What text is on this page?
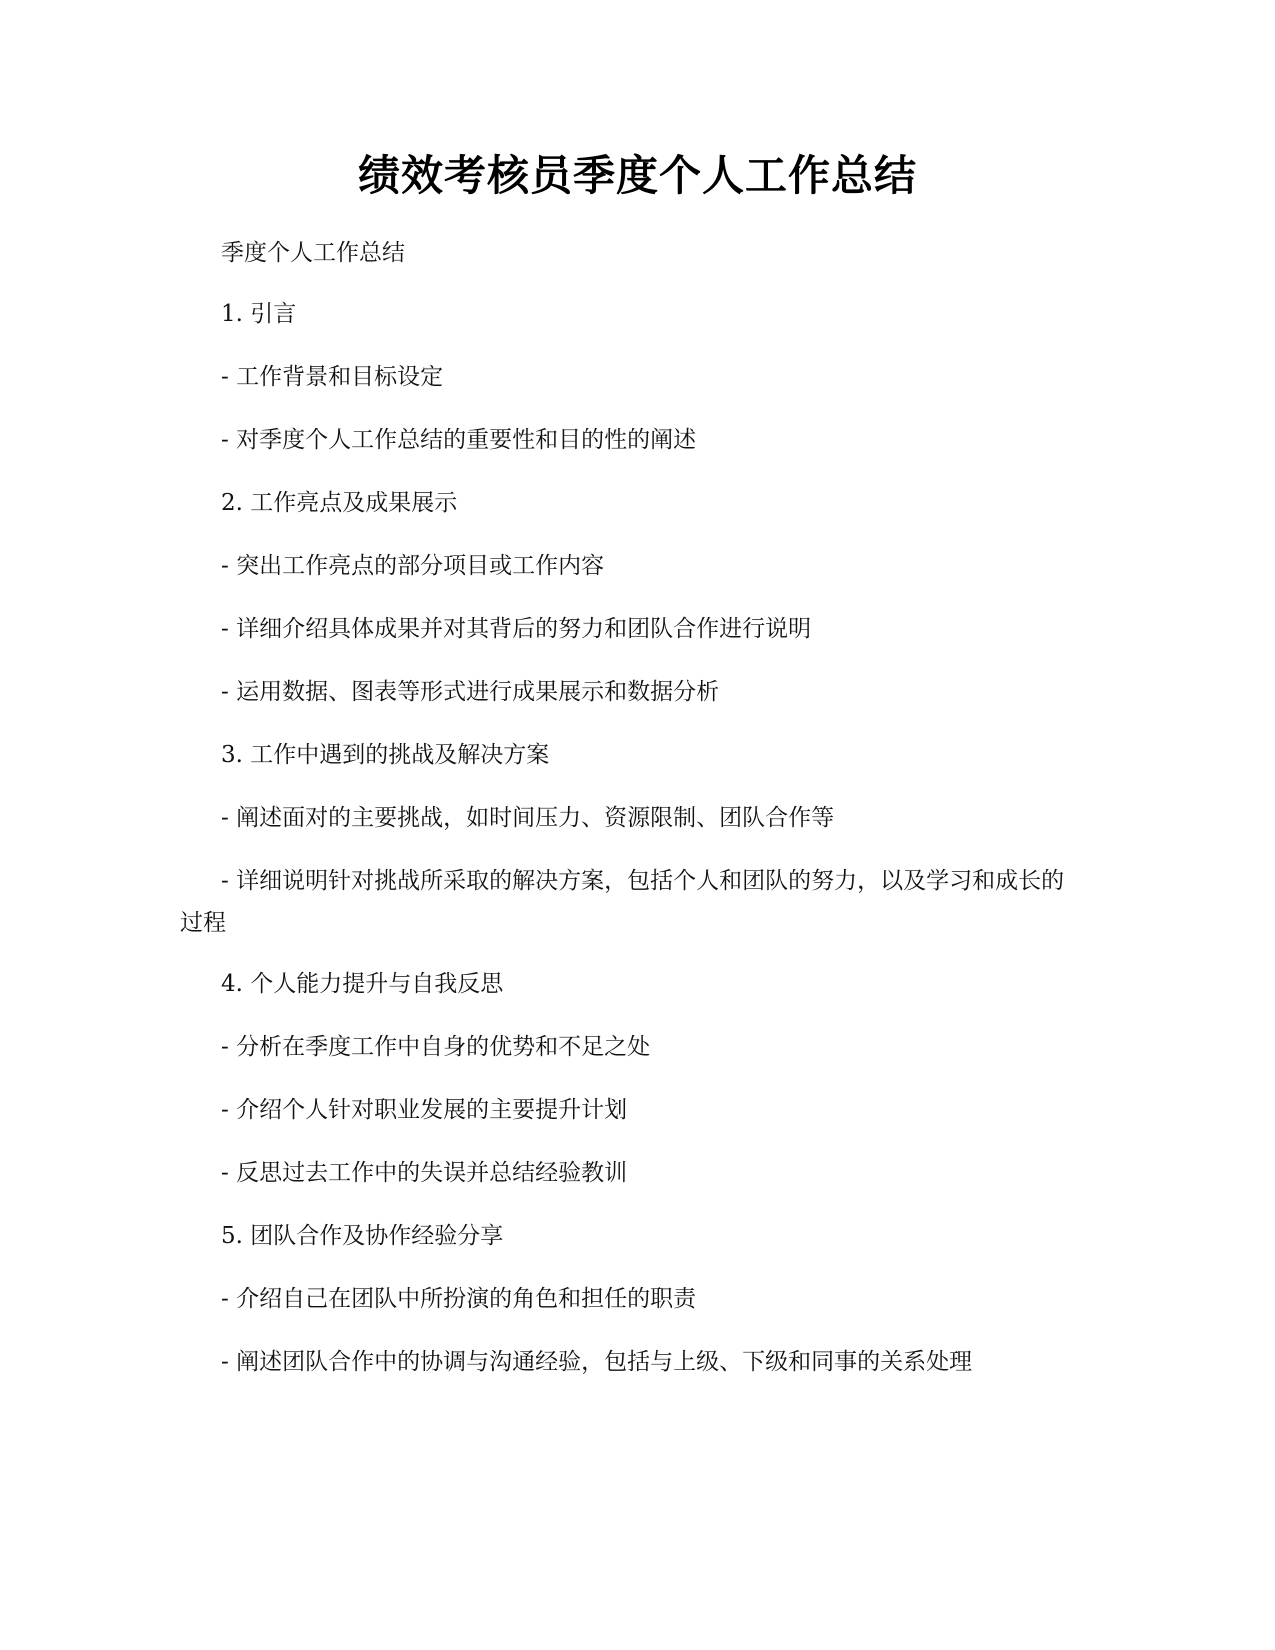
绩效考核员季度个人工作总结

季度个人工作总结

1. 引言

- 工作背景和目标设定

- 对季度个人工作总结的重要性和目的性的阐述

2. 工作亮点及成果展示

- 突出工作亮点的部分项目或工作内容

- 详细介绍具体成果并对其背后的努力和团队合作进行说明

- 运用数据、图表等形式进行成果展示和数据分析

3. 工作中遇到的挑战及解决方案

- 阐述面对的主要挑战，如时间压力、资源限制、团队合作等

- 详细说明针对挑战所采取的解决方案，包括个人和团队的努力，以及学习和成长的过程

4. 个人能力提升与自我反思

- 分析在季度工作中自身的优势和不足之处

- 介绍个人针对职业发展的主要提升计划

- 反思过去工作中的失误并总结经验教训

5. 团队合作及协作经验分享

- 介绍自己在团队中所扮演的角色和担任的职责

- 阐述团队合作中的协调与沟通经验，包括与上级、下级和同事的关系处理
